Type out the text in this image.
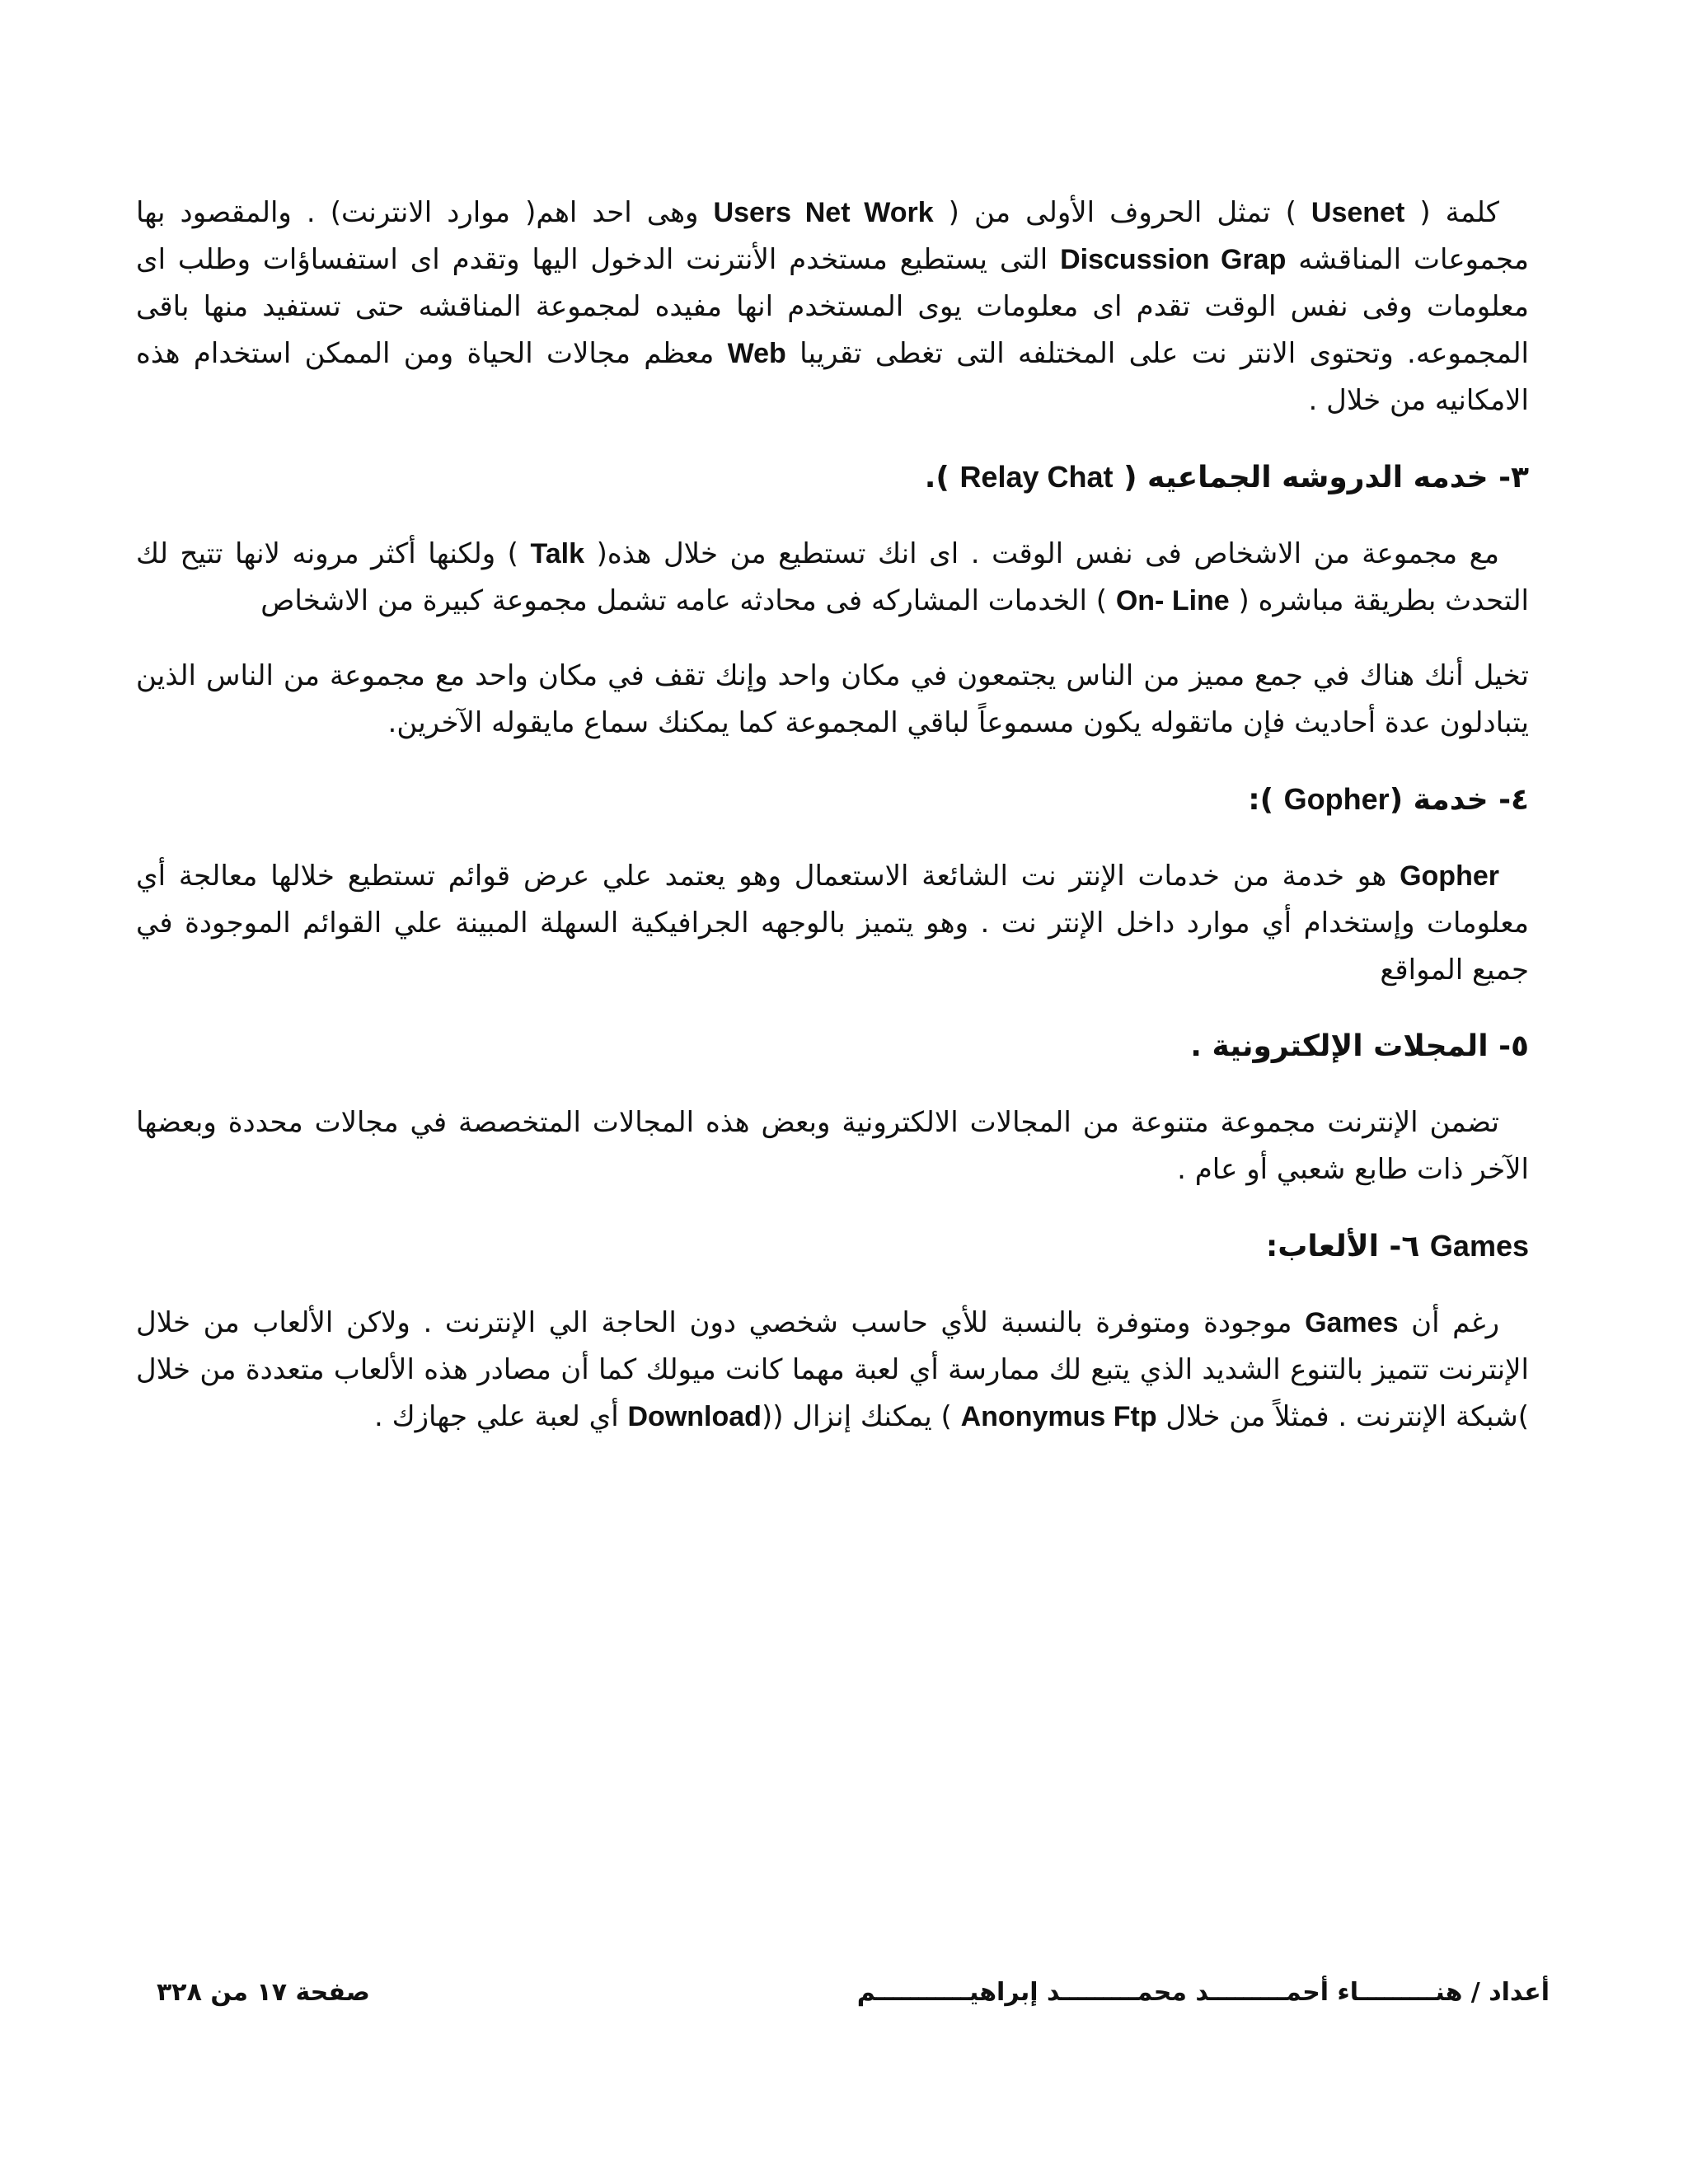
كلمة ( Usenet ) تمثل الحروف الأولى من ( Users Net Work وهى احد اهم( موارد الانترنت) . والمقصود بها مجموعات المناقشه Discussion Grap التى يستطيع مستخدم الأنترنت الدخول اليها وتقدم اى استفساؤات وطلب اى معلومات وفى نفس الوقت تقدم اى معلومات يوى المستخدم انها مفيده لمجموعة المناقشه حتى تستفيد منها باقى المجموعه. وتحتوى الانتر نت على المختلفه التى تغطى تقريبا Web معظم مجالات الحياة ومن الممكن استخدام هذه الامكانيه من خلال .

٣- خدمه الدروشه الجماعيه ( Relay Chat ).

مع مجموعة من الاشخاص فى نفس الوقت . اى انك تستطيع من خلال هذه( Talk ) ولكنها أكثر مرونه لانها تتيح لك التحدث بطريقة مباشره ( On- Line ) الخدمات المشاركه فى محادثه عامه تشمل مجموعة كبيرة من الاشخاص

تخيل أنك هناك في جمع مميز من الناس يجتمعون في مكان واحد وإنك تقف في مكان واحد مع مجموعة من الناس الذين يتبادلون عدة أحاديث فإن ماتقوله يكون مسموعاً لباقي المجموعة كما يمكنك سماع مايقوله الآخرين.

٤- خدمة (Gopher ):

Gopher هو خدمة من خدمات الإنتر نت الشائعة الاستعمال وهو يعتمد علي عرض قوائم تستطيع خلالها معالجة أي معلومات وإستخدام أي موارد داخل الإنتر نت . وهو يتميز بالوجهه الجرافيكية السهلة المبينة علي القوائم الموجودة في جميع المواقع

٥- المجلات الإلكترونية .

تضمن الإنترنت مجموعة متنوعة من المجالات الالكترونية وبعض هذه المجالات المتخصصة في مجالات محددة وبعضها الآخر ذات طابع شعبي أو عام .

Games ٦- الألعاب:

رغم أن Games موجودة ومتوفرة بالنسبة للأي حاسب شخصي دون الحاجة الي الإنترنت . ولاكن الألعاب من خلال الإنترنت تتميز بالتنوع الشديد الذي يتبع لك ممارسة أي لعبة مهما كانت ميولك كما أن مصادر هذه الألعاب متعددة من خلال )شبكة الإنترنت . فمثلاً من خلال Anonymus Ftp ) يمكنك إنزال ((Download أي لعبة علي جهازك .

أعداد / هنـــــــــاء أحمـــــــــد محمـــــــــد إبراهيـــــــــــم
صفحة ١٧ من ٣٢٨
